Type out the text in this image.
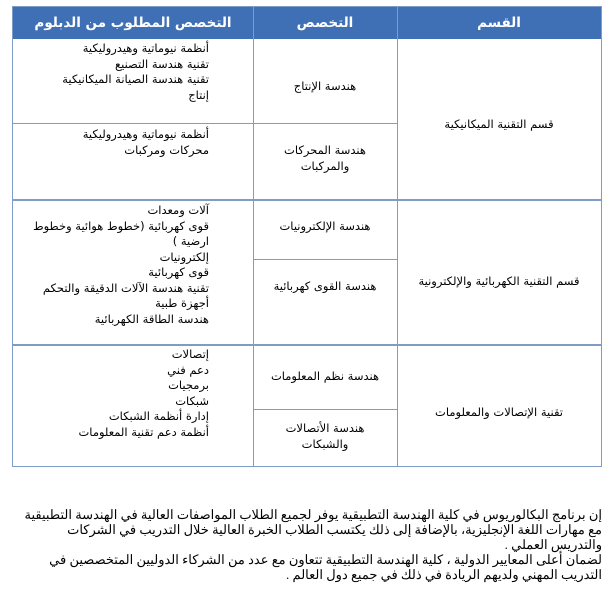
القسم
التخصص
التخصص المطلوب من الدبلوم
قسم التقنية الميكانيكية
هندسة الإنتاج
أنظمة نيوماتية وهيدروليكية
تقنية هندسة التصنيع
تقنية هندسة الصيانة الميكانيكية
إنتاج
هندسة المحركات
والمركبات
أنظمة نيوماتية وهيدروليكية
محركات ومركبات
قسم التقنية الكهربائية والإلكترونية
هندسة الإلكترونيات
هندسة القوى كهربائية
آلات ومعدات
قوى كهربائية (خطوط هوائية وخطوط
ارضية )
إلكترونيات
قوى كهربائية
تقنية هندسة الآلات الدقيقة والتحكم
أجهزة طبية
هندسة الطاقة الكهربائية
تقنية الإتصالات والمعلومات
هندسة نظم المعلومات
هندسة الأتصالات
والشبكات
إتصالات
دعم فني
برمجيات
شبكات
إدارة أنظمة الشبكات
أنظمة دعم تقنية المعلومات
إن برنامج البكالوريوس في كلية الهندسة التطبيقية يوفر لجميع الطلاب المواصفات العالية في الهندسة التطبيقية
مع مهارات اللغة الإنجليزية، بالإضافة إلى ذلك يكتسب الطلاب الخبرة العالية خلال التدريب في الشركات
والتدريس العملي .
لضمان أعلى المعايير الدولية ، كلية الهندسة التطبيقية تتعاون مع عدد من الشركاء الدوليين المتخصصين في
التدريب المهني ولديهم الريادة في ذلك في جميع دول العالم .
